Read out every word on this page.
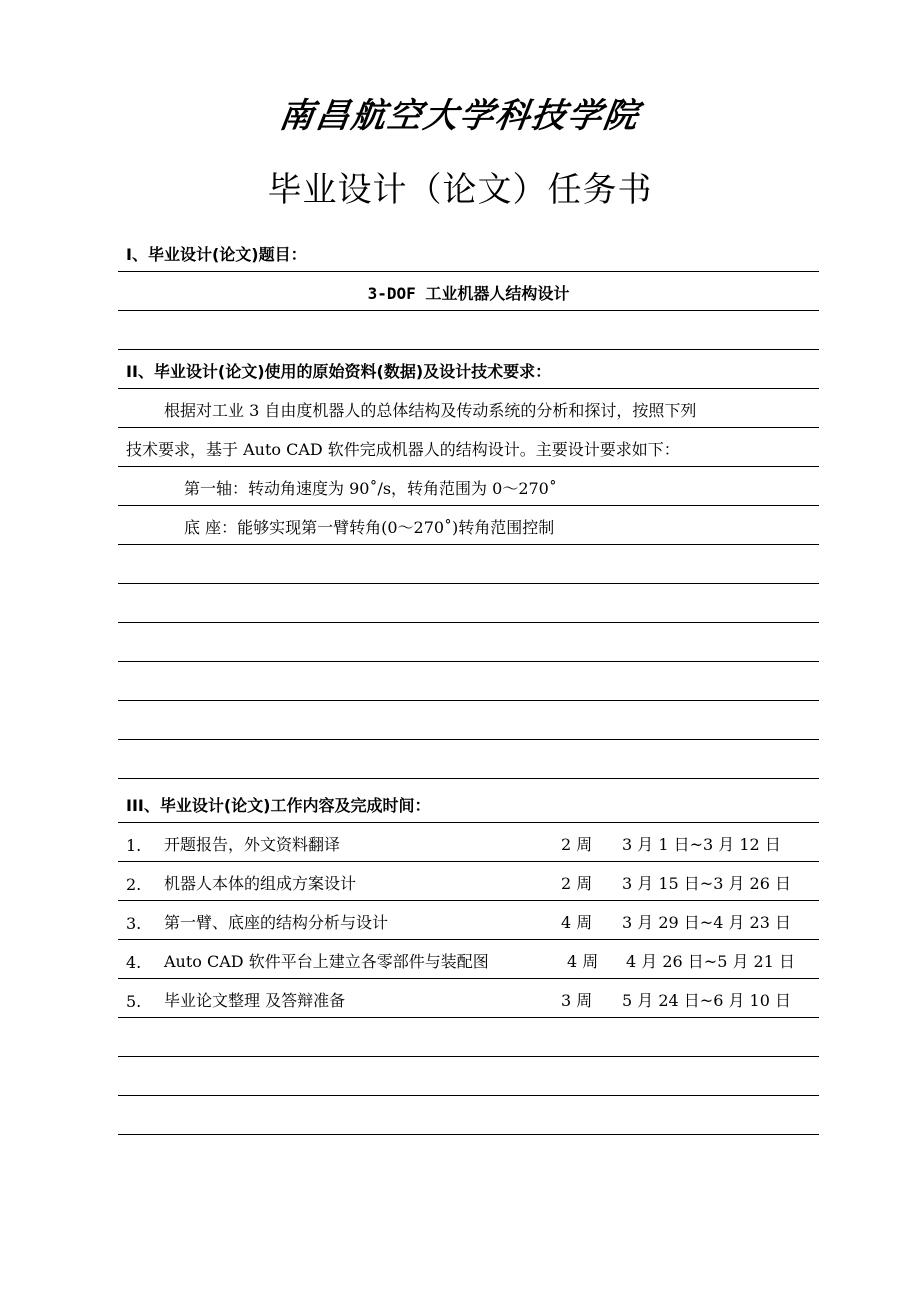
南昌航空大学科技学院
毕业设计（论文）任务书
I、毕业设计(论文)题目：
3-DOF 工业机器人结构设计
II、毕业设计(论文)使用的原始资料(数据)及设计技术要求：
根据对工业 3 自由度机器人的总体结构及传动系统的分析和探讨，按照下列
技术要求，基于 Auto CAD 软件完成机器人的结构设计。主要设计要求如下：
第一轴：转动角速度为 90˚/s，转角范围为 0～270˚
底 座：能够实现第一臂转角(0～270˚)转角范围控制
III、毕业设计(论文)工作内容及完成时间：
1. 开题报告，外文资料翻译	2 周 3 月 1 日~3 月 12 日
2. 机器人本体的组成方案设计	2 周 3 月 15 日~3 月 26 日
3. 第一臂、底座的结构分析与设计	4 周 3 月 29 日~4 月 23 日
4. Auto CAD 软件平台上建立各零部件与装配图	4 周 4 月 26 日~5 月 21 日
5. 毕业论文整理 及答辩准备	3 周 5 月 24 日~6 月 10 日
